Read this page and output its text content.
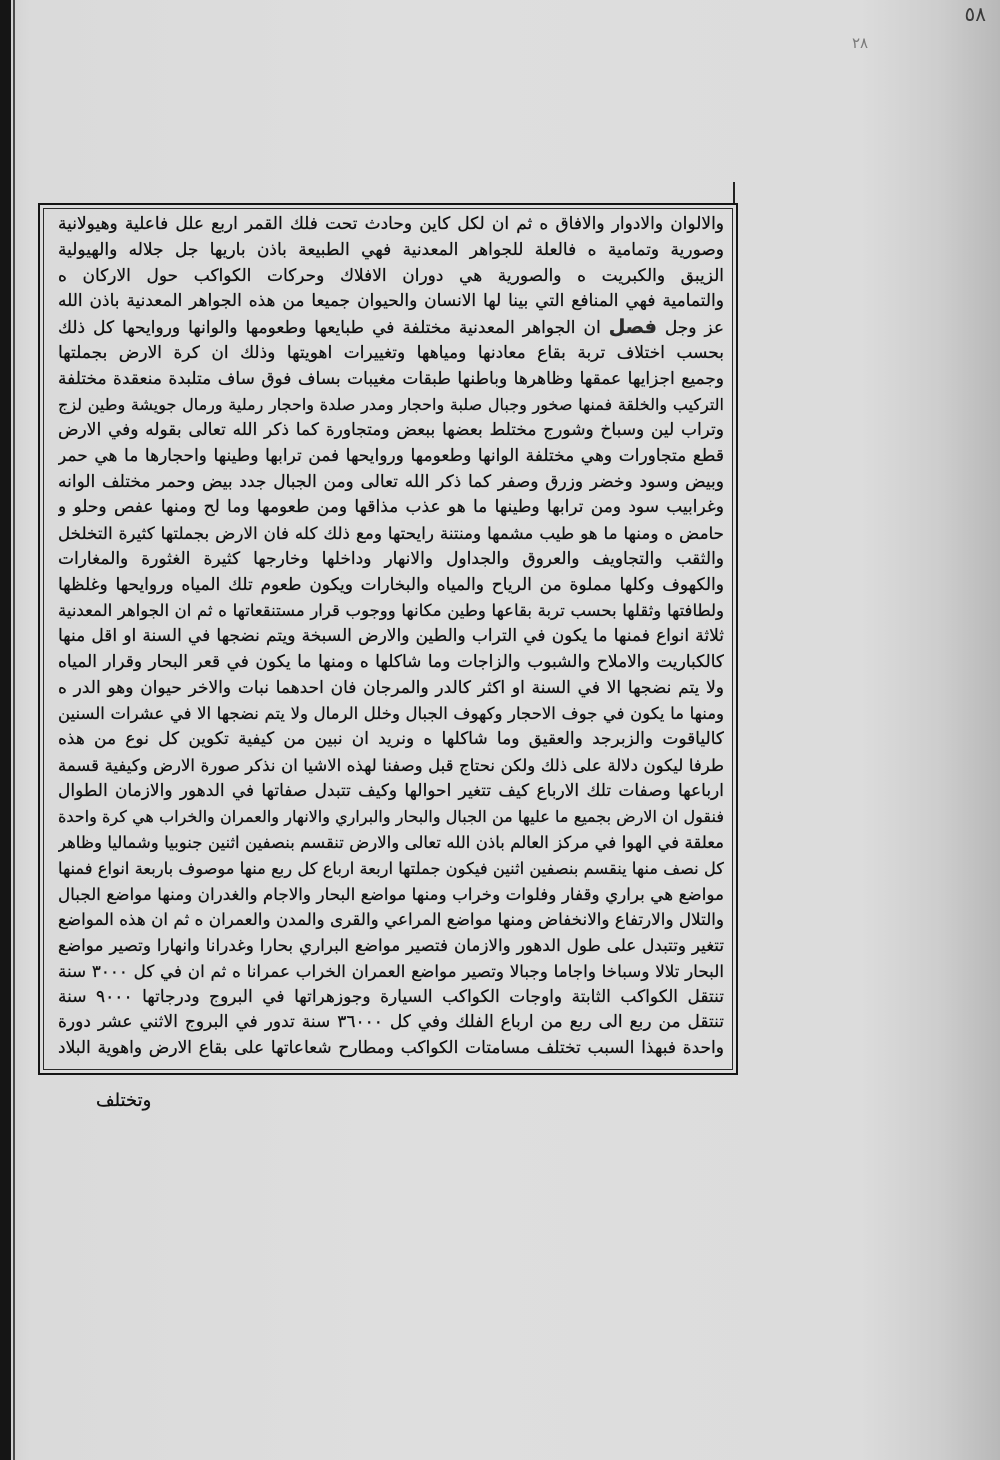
٥٨
٢٨
والالوان والادوار والافاق ه ثم ان لكل كاين وحادث تحت فلك القمر اربع علل فاعلية وهيولانية
وصورية وتمامية ه فالعلة للجواهر المعدنية فهي الطبيعة باذن باريها جل جلاله والهيولية
الزيبق والكبريت ه والصورية هي دوران الافلاك وحركات الكواكب حول الاركان ه
والتمامية فهي المنافع التي بينا لها الانسان والحيوان جميعا من هذه الجواهر المعدنية باذن الله
عز وجل فصل ان الجواهر المعدنية مختلفة في طبايعها وطعومها والوانها وروايحها كل ذلك
بحسب اختلاف تربة بقاع معادنها ومياهها وتغييرات اهويتها وذلك ان كرة الارض بجملتها
وجميع اجزايها عمقها وظاهرها وباطنها طبقات مغيبات بساف فوق ساف متلبدة منعقدة مختلفة
التركيب والخلقة فمنها صخور وجبال صلبة واحجار ومدر صلدة واحجار رملية ورمال جويشة وطين لزج
وتراب لين وسباخ وشورج مختلط بعضها ببعض ومتجاورة كما ذكر الله تعالى بقوله وفي الارض
قطع متجاورات وهي مختلفة الوانها وطعومها وروايحها فمن ترابها وطينها واحجارها ما هي حمر
وبيض وسود وخضر وزرق وصفر كما ذكر الله تعالى ومن الجبال جدد بيض وحمر مختلف الوانه
وغرابيب سود ومن ترابها وطينها ما هو عذب مذاقها ومن طعومها وما لح ومنها عفص وحلو و
حامض ه ومنها ما هو طيب مشمها ومنتنة رايحتها ومع ذلك كله فان الارض بجملتها كثيرة التخلخل
والثقب والتجاويف والعروق والجداول والانهار وداخلها وخارجها كثيرة الغثورة والمغارات
والكهوف وكلها مملوة من الرياح والمياه والبخارات ويكون طعوم تلك المياه وروايحها وغلظها
ولطافتها وثقلها بحسب تربة بقاعها وطين مكانها ووجوب قرار مستنقعاتها ه ثم ان الجواهر المعدنية
ثلاثة انواع فمنها ما يكون في التراب والطين والارض السبخة ويتم نضجها في السنة او اقل منها
كالكباريت والاملاح والشبوب والزاجات وما شاكلها ه ومنها ما يكون في قعر البحار وقرار المياه
ولا يتم نضجها الا في السنة او اكثر كالدر والمرجان فان احدهما نبات والاخر حيوان وهو الدر ه
ومنها ما يكون في جوف الاحجار وكهوف الجبال وخلل الرمال ولا يتم نضجها الا في عشرات السنين
كالياقوت والزبرجد والعقيق وما شاكلها ه ونريد ان نبين من كيفية تكوين كل نوع من هذه
طرفا ليكون دلالة على ذلك ولكن نحتاج قبل وصفنا لهذه الاشيا ان نذكر صورة الارض وكيفية قسمة
ارباعها وصفات تلك الارباع كيف تتغير احوالها وكيف تتبدل صفاتها في الدهور والازمان الطوال
فنقول ان الارض بجميع ما عليها من الجبال والبحار والبراري والانهار والعمران والخراب هي كرة واحدة
معلقة في الهوا في مركز العالم باذن الله تعالى والارض تنقسم بنصفين اثنين جنوبيا وشماليا وظاهر
كل نصف منها ينقسم بنصفين اثنين فيكون جملتها اربعة ارباع كل ربع منها موصوف باربعة انواع فمنها
مواضع هي براري وقفار وفلوات وخراب ومنها مواضع البحار والاجام والغدران ومنها مواضع الجبال
والتلال والارتفاع والانخفاض ومنها مواضع المراعي والقرى والمدن والعمران ه ثم ان هذه المواضع
تتغير وتتبدل على طول الدهور والازمان فتصير مواضع البراري بحارا وغدرانا وانهارا وتصير مواضع
البحار تلالا وسباخا واجاما وجبالا وتصير مواضع العمران الخراب عمرانا ه ثم ان في كل ٣٠٠٠ سنة
تنتقل الكواكب الثابتة واوجات الكواكب السيارة وجوزهراتها في البروج ودرجاتها ٩٠٠٠ سنة
تنتقل من ربع الى ربع من ارباع الفلك وفي كل ٣٦٠٠٠ سنة تدور في البروج الاثني عشر دورة
واحدة فبهذا السبب تختلف مسامتات الكواكب ومطارح شعاعاتها على بقاع الارض واهوية البلاد
وتختلف
